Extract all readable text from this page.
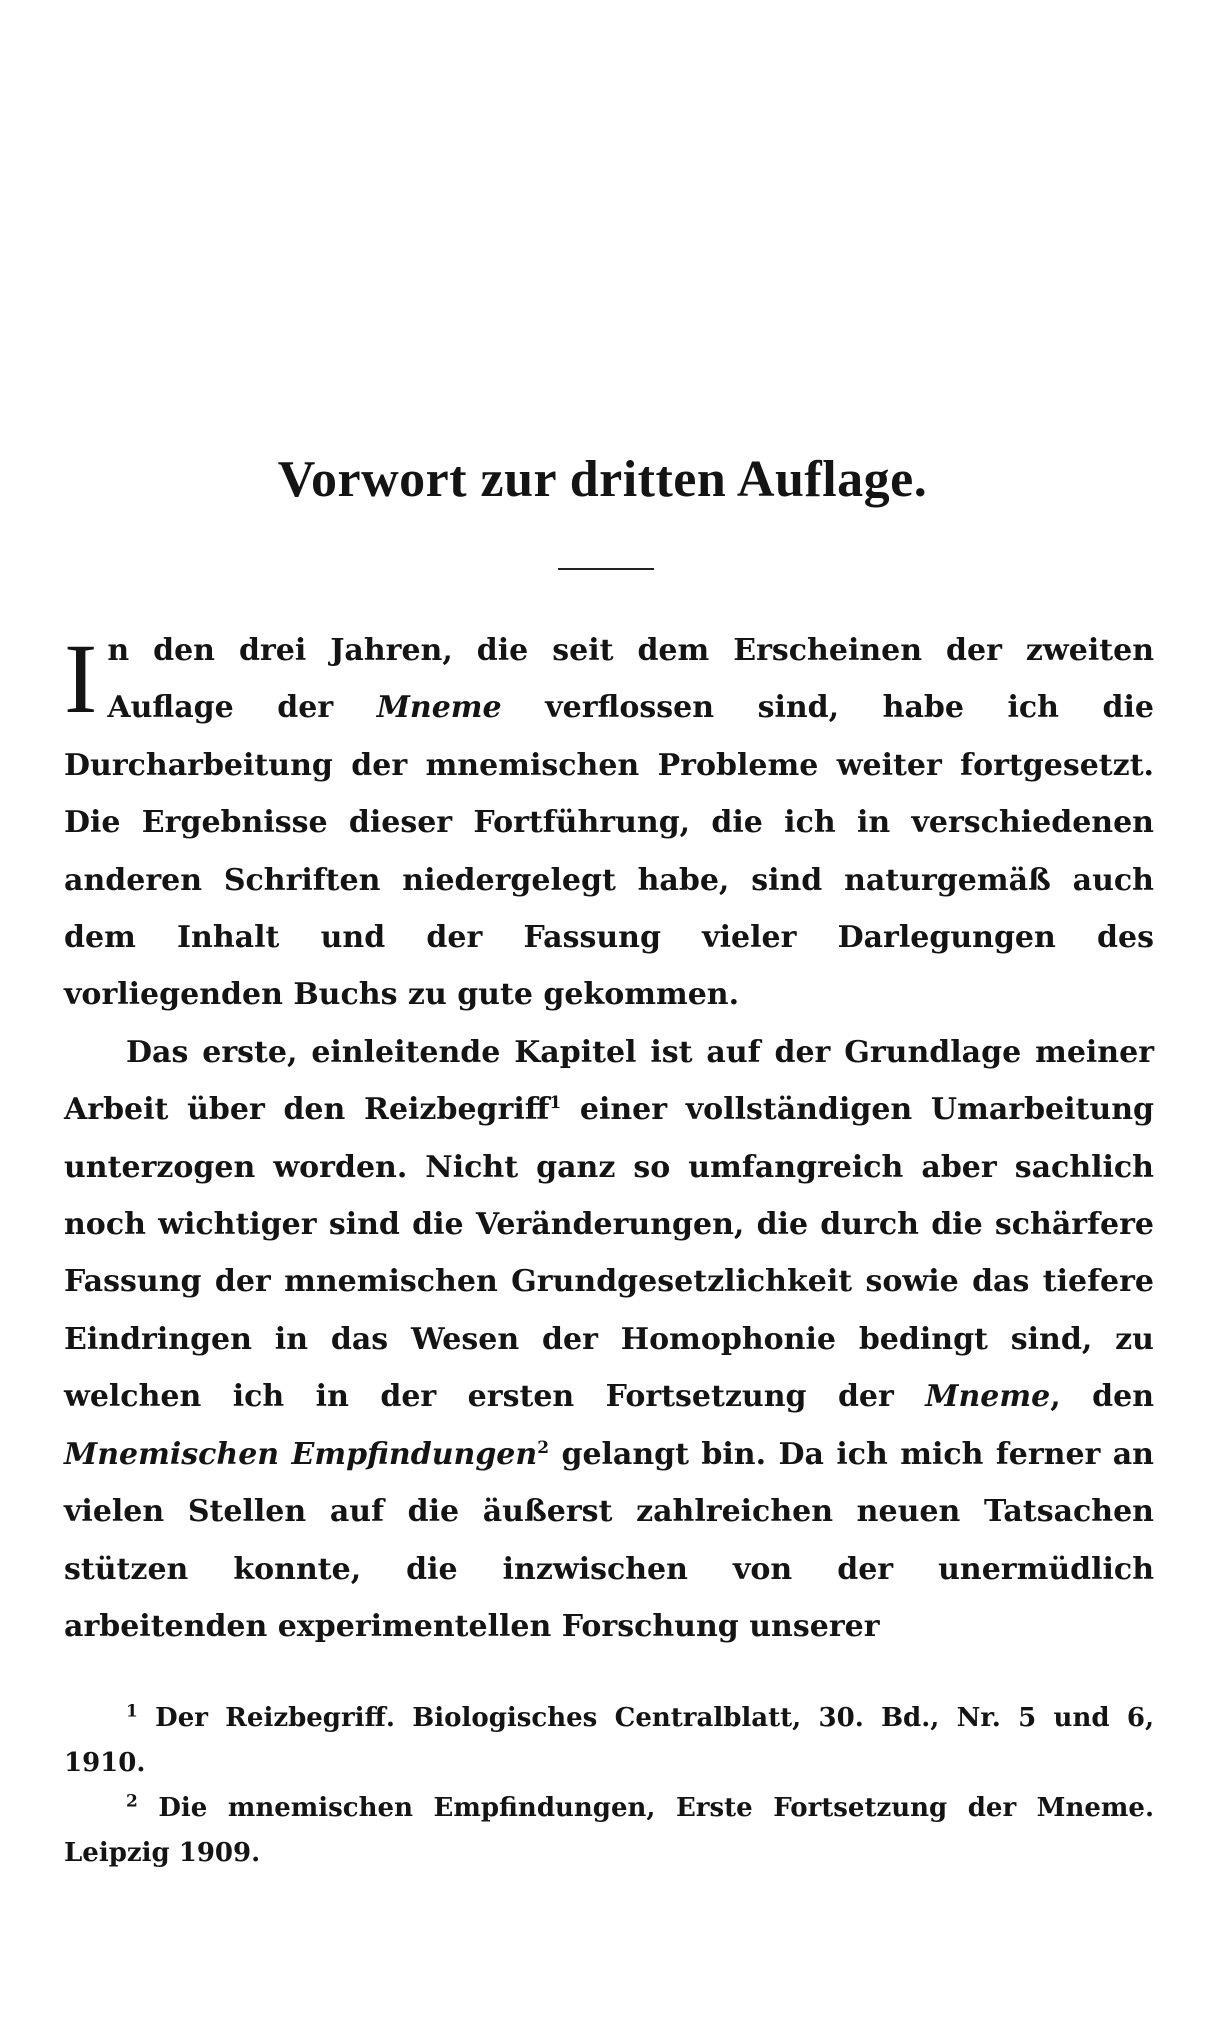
Vorwort zur dritten Auflage.

In den drei Jahren, die seit dem Erscheinen der zweiten Auflage der Mneme verflossen sind, habe ich die Durcharbeitung der mnemischen Probleme weiter fortgesetzt. Die Ergebnisse dieser Fortführung, die ich in verschiedenen anderen Schriften niedergelegt habe, sind naturgemäß auch dem Inhalt und der Fassung vieler Darlegungen des vorliegenden Buchs zu gute gekommen.

Das erste, einleitende Kapitel ist auf der Grundlage meiner Arbeit über den Reizbegriff$^1$ einer vollständigen Umarbeitung unterzogen worden. Nicht ganz so umfangreich aber sachlich noch wichtiger sind die Veränderungen, die durch die schärfere Fassung der mnemischen Grundgesetzlichkeit sowie das tiefere Eindringen in das Wesen der Homophonie bedingt sind, zu welchen ich in der ersten Fortsetzung der Mneme, den Mnemischen Empfindungen$^2$ gelangt bin. Da ich mich ferner an vielen Stellen auf die äußerst zahlreichen neuen Tatsachen stützen konnte, die inzwischen von der unermüdlich arbeitenden experimentellen Forschung unserer

$^1$ Der Reizbegriff. Biologisches Centralblatt, 30. Bd., Nr. 5 und 6, 1910.

$^2$ Die mnemischen Empfindungen, Erste Fortsetzung der Mneme. Leipzig 1909.
